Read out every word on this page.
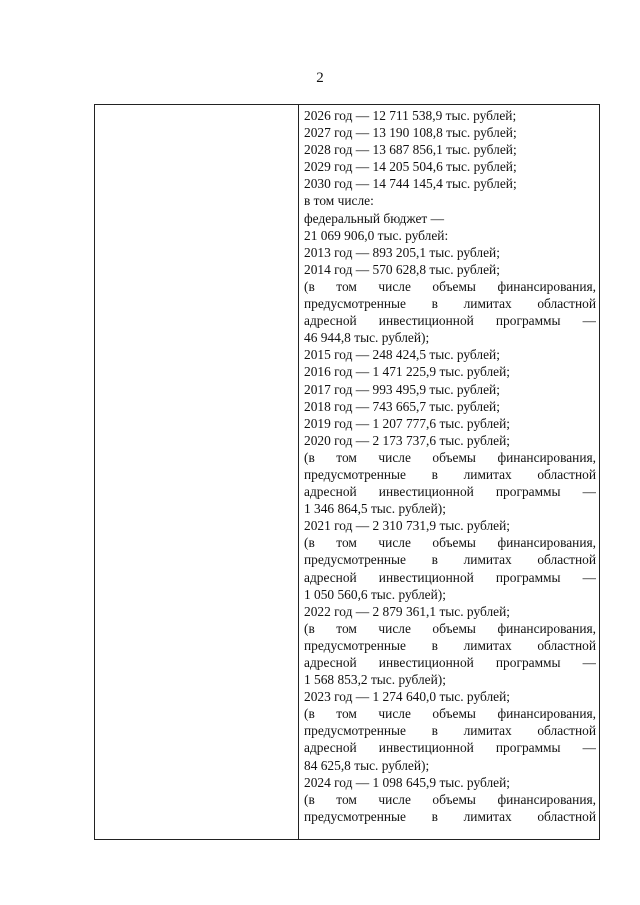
2
2026 год — 12 711 538,9 тыс. рублей;
2027 год — 13 190 108,8 тыс. рублей;
2028 год — 13 687 856,1 тыс. рублей;
2029 год — 14 205 504,6 тыс. рублей;
2030 год — 14 744 145,4 тыс. рублей;
в том числе:
федеральный бюджет —
21 069 906,0 тыс. рублей:
2013 год — 893 205,1 тыс. рублей;
2014 год — 570 628,8 тыс. рублей;
(в том числе объемы финансирования,
предусмотренные в лимитах областной
адресной инвестиционной программы —
46 944,8 тыс. рублей);
2015 год — 248 424,5 тыс. рублей;
2016 год — 1 471 225,9 тыс. рублей;
2017 год — 993 495,9 тыс. рублей;
2018 год — 743 665,7 тыс. рублей;
2019 год — 1 207 777,6 тыс. рублей;
2020 год — 2 173 737,6 тыс. рублей;
(в том числе объемы финансирования,
предусмотренные в лимитах областной
адресной инвестиционной программы —
1 346 864,5 тыс. рублей);
2021 год — 2 310 731,9 тыс. рублей;
(в том числе объемы финансирования,
предусмотренные в лимитах областной
адресной инвестиционной программы —
1 050 560,6 тыс. рублей);
2022 год — 2 879 361,1 тыс. рублей;
(в том числе объемы финансирования,
предусмотренные в лимитах областной
адресной инвестиционной программы —
1 568 853,2 тыс. рублей);
2023 год — 1 274 640,0 тыс. рублей;
(в том числе объемы финансирования,
предусмотренные в лимитах областной
адресной инвестиционной программы —
84 625,8 тыс. рублей);
2024 год — 1 098 645,9 тыс. рублей;
(в том числе объемы финансирования,
предусмотренные в лимитах областной
